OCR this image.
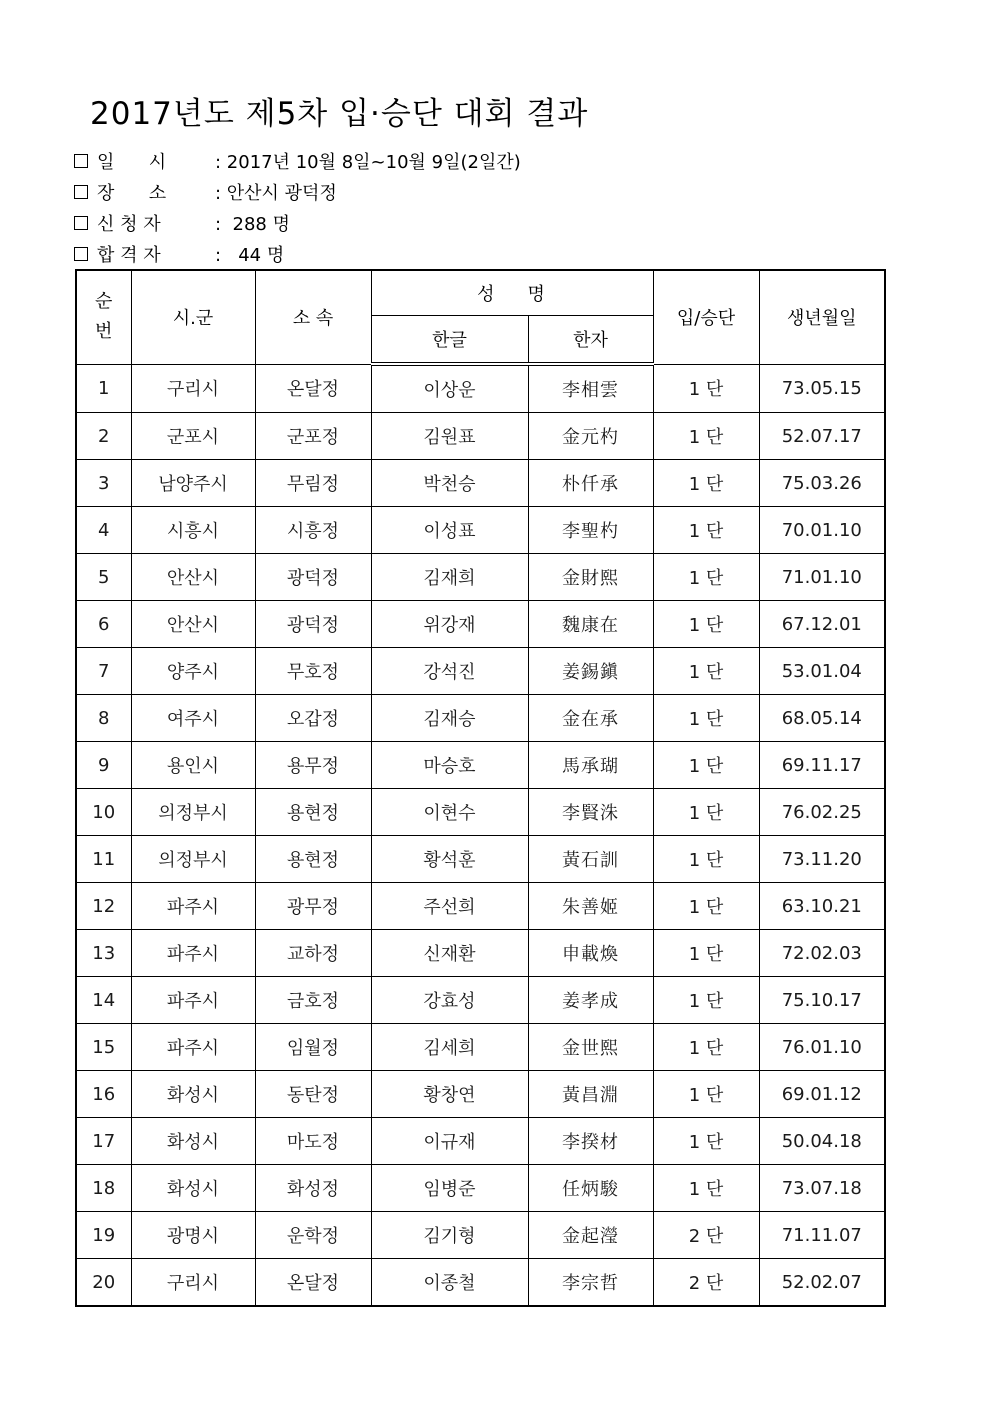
2017년도 제5차 입·승단 대회 결과
일      시	: 2017년 10월 8일~10월 9일(2일간)
장      소	: 안산시 광덕정
신 청 자	:  288 명
합 격 자	:   44 명
순
번	시.군	소 속	성    명		입/승단	생년월일
			한글	한자		
1	구리시	온달정	이상운	李相雲	1 단	73.05.15
2	군포시	군포정	김원표	金元杓	1 단	52.07.17
3	남양주시	무림정	박천승	朴仟承	1 단	75.03.26
4	시흥시	시흥정	이성표	李聖杓	1 단	70.01.10
5	안산시	광덕정	김재희	金財熙	1 단	71.01.10
6	안산시	광덕정	위강재	魏康在	1 단	67.12.01
7	양주시	무호정	강석진	姜錫鎭	1 단	53.01.04
8	여주시	오갑정	김재승	金在承	1 단	68.05.14
9	용인시	용무정	마승호	馬承瑚	1 단	69.11.17
10	의정부시	용현정	이현수	李賢洙	1 단	76.02.25
11	의정부시	용현정	황석훈	黃石訓	1 단	73.11.20
12	파주시	광무정	주선희	朱善姬	1 단	63.10.21
13	파주시	교하정	신재환	申載煥	1 단	72.02.03
14	파주시	금호정	강효성	姜孝成	1 단	75.10.17
15	파주시	임월정	김세희	金世熙	1 단	76.01.10
16	화성시	동탄정	황창연	黃昌淵	1 단	69.01.12
17	화성시	마도정	이규재	李揆材	1 단	50.04.18
18	화성시	화성정	임병준	任炳駿	1 단	73.07.18
19	광명시	운학정	김기형	金起瀅	2 단	71.11.07
20	구리시	온달정	이종철	李宗哲	2 단	52.02.07
